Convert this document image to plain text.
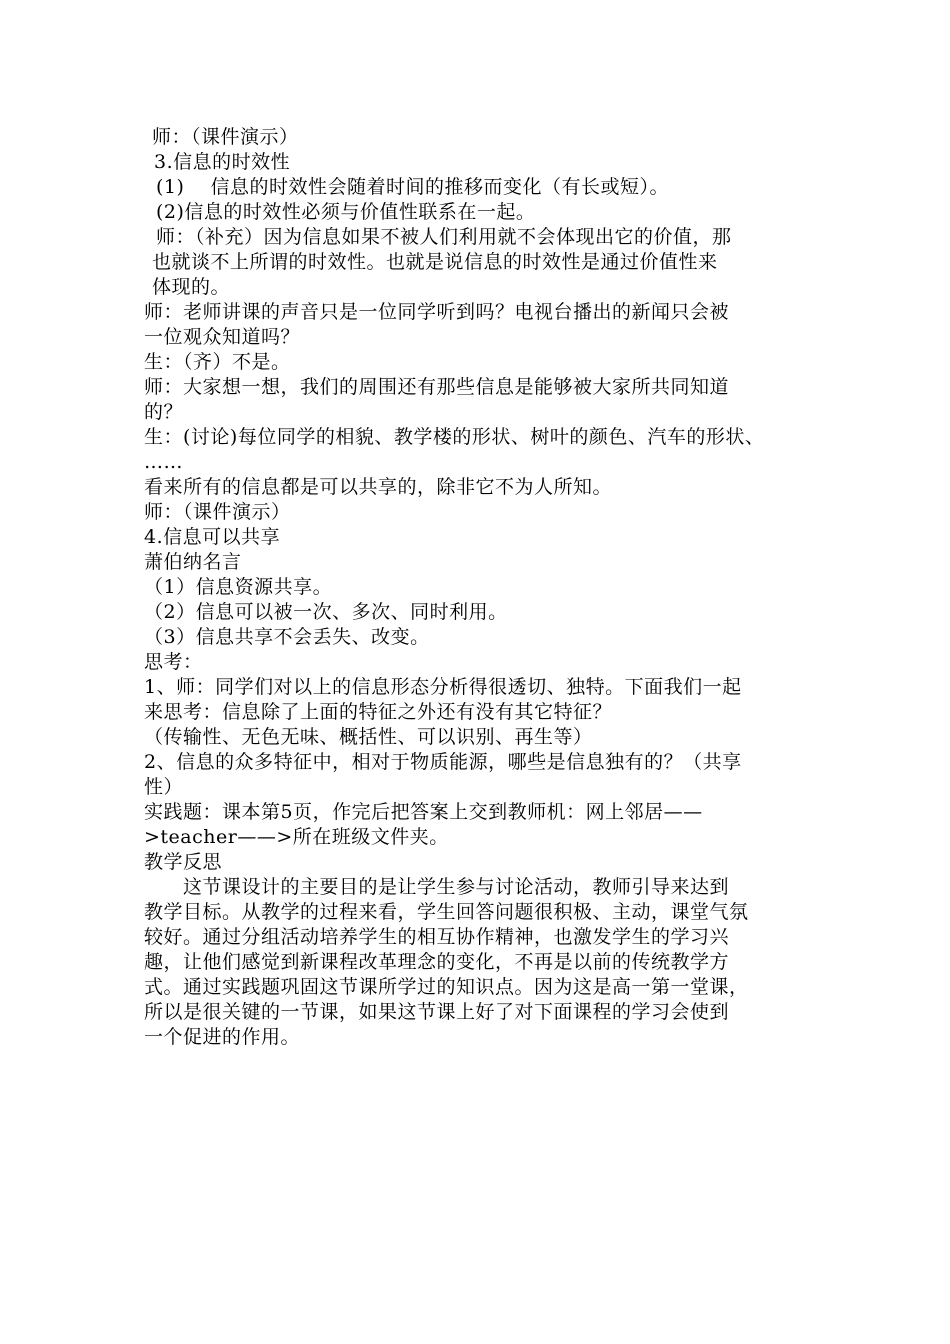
师：（课件演示）
3.信息的时效性
(1)　 信息的时效性会随着时间的推移而变化（有长或短）。
(2)信息的时效性必须与价值性联系在一起。
师：（补充）因为信息如果不被人们利用就不会体现出它的价值，那
也就谈不上所谓的时效性。也就是说信息的时效性是通过价值性来
体现的。
师：老师讲课的声音只是一位同学听到吗？电视台播出的新闻只会被
一位观众知道吗？
生：（齐）不是。
师：大家想一想，我们的周围还有那些信息是能够被大家所共同知道
的？
生：(讨论)每位同学的相貌、教学楼的形状、树叶的颜色、汽车的形状、
……
看来所有的信息都是可以共享的，除非它不为人所知。
师：（课件演示）
4.信息可以共享
萧伯纳名言
（1）信息资源共享。
（2）信息可以被一次、多次、同时利用。
（3）信息共享不会丢失、改变。
思考：
1、师：同学们对以上的信息形态分析得很透切、独特。下面我们一起
来思考：信息除了上面的特征之外还有没有其它特征？
（传输性、无色无味、概括性、可以识别、再生等）
2、信息的众多特征中，相对于物质能源，哪些是信息独有的？（共享
性）
实践题：课本第5页，作完后把答案上交到教师机：网上邻居——
>teacher——>所在班级文件夹。
教学反思
　　这节课设计的主要目的是让学生参与讨论活动，教师引导来达到
教学目标。从教学的过程来看，学生回答问题很积极、主动，课堂气氛
较好。通过分组活动培养学生的相互协作精神，也激发学生的学习兴
趣，让他们感觉到新课程改革理念的变化，不再是以前的传统教学方
式。通过实践题巩固这节课所学过的知识点。因为这是高一第一堂课，
所以是很关键的一节课，如果这节课上好了对下面课程的学习会使到
一个促进的作用。
